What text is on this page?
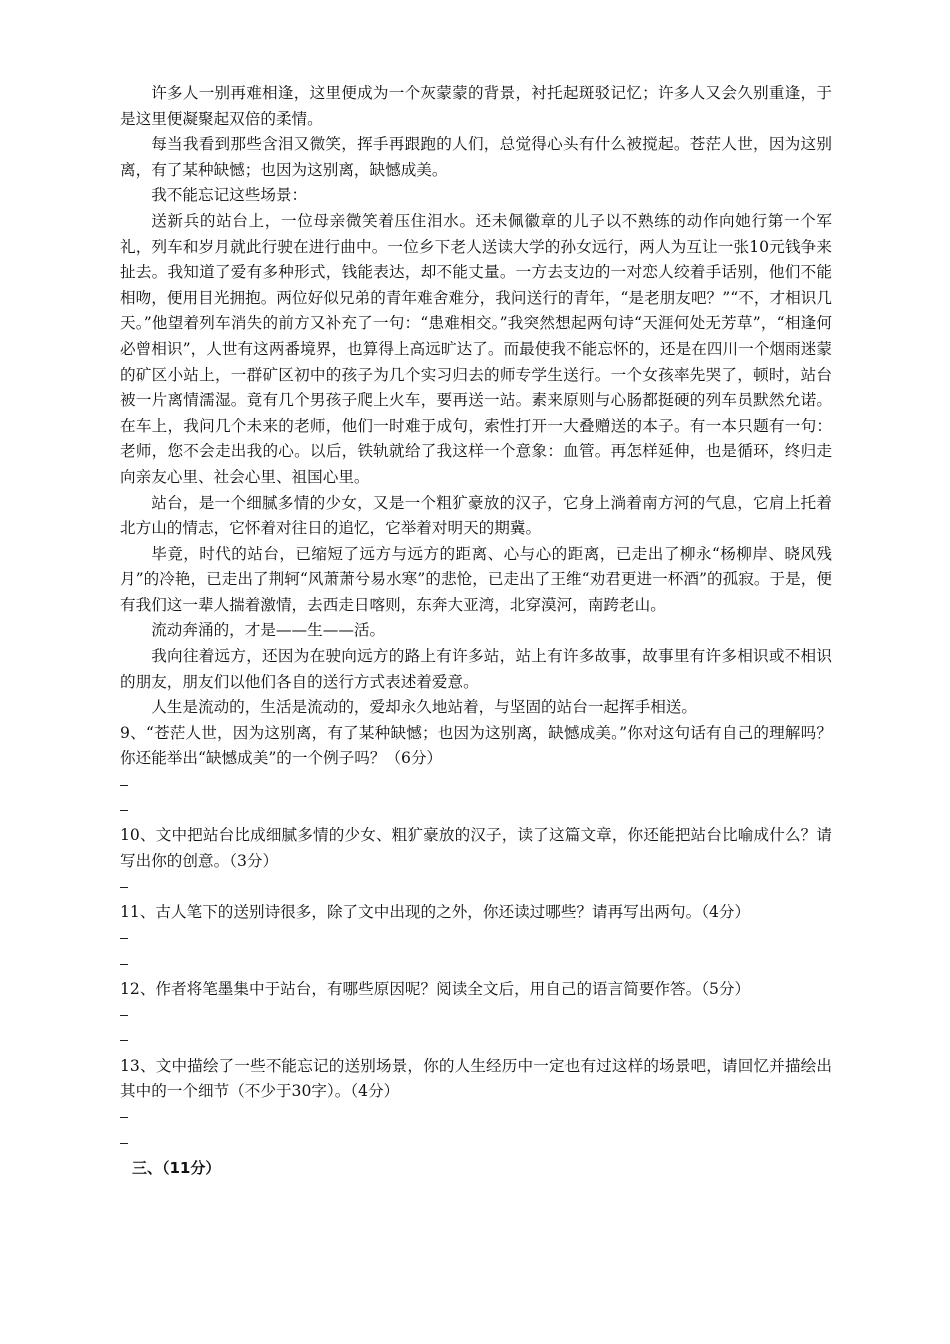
许多人一别再难相逢，这里便成为一个灰蒙蒙的背景，衬托起斑驳记忆；许多人又会久别重逢，于是这里便凝聚起双倍的柔情。

每当我看到那些含泪又微笑，挥手再跟跑的人们，总觉得心头有什么被搅起。苍茫人世，因为这别离，有了某种缺憾；也因为这别离，缺憾成美。

我不能忘记这些场景：

送新兵的站台上，一位母亲微笑着压住泪水。还未佩徽章的儿子以不熟练的动作向她行第一个军礼，列车和岁月就此行驶在进行曲中。一位乡下老人送读大学的孙女远行，两人为互让一张10元钱争来扯去。我知道了爱有多种形式，钱能表达，却不能丈量。一方去支边的一对恋人绞着手话别，他们不能相吻，便用目光拥抱。两位好似兄弟的青年难舍难分，我问送行的青年，“是老朋友吧？”“不，才相识几天。”他望着列车消失的前方又补充了一句：“患难相交。”我突然想起两句诗“天涯何处无芳草”，“相逢何必曾相识”，人世有这两番境界，也算得上高远旷达了。而最使我不能忘怀的，还是在四川一个烟雨迷蒙的矿区小站上，一群矿区初中的孩子为几个实习归去的师专学生送行。一个女孩率先哭了，顿时，站台被一片离情濡湿。竟有几个男孩子爬上火车，要再送一站。素来原则与心肠都挺硬的列车员默然允诺。在车上，我问几个未来的老师，他们一时难于成句，索性打开一大叠赠送的本子。有一本只题有一句：老师，您不会走出我的心。以后，铁轨就给了我这样一个意象：血管。再怎样延伸，也是循环，终归走向亲友心里、社会心里、祖国心里。

站台，是一个细腻多情的少女，又是一个粗犷豪放的汉子，它身上淌着南方河的气息，它肩上托着北方山的情志，它怀着对往日的追忆，它举着对明天的期冀。

毕竟，时代的站台，已缩短了远方与远方的距离、心与心的距离，已走出了柳永“杨柳岸、晓风残月”的冷艳，已走出了荆轲“风萧萧兮易水寒”的悲怆，已走出了王维“劝君更进一杯酒”的孤寂。于是，便有我们这一辈人揣着激情，去西走日喀则，东奔大亚湾，北穿漠河，南跨老山。

流动奔涌的，才是——生——活。

我向往着远方，还因为在驶向远方的路上有许多站，站上有许多故事，故事里有许多相识或不相识的朋友，朋友们以他们各自的送行方式表述着爱意。

人生是流动的，生活是流动的，爱却永久地站着，与坚固的站台一起挥手相送。

9、“苍茫人世，因为这别离，有了某种缺憾；也因为这别离，缺憾成美。”你对这句话有自己的理解吗？你还能举出“缺憾成美”的一个例子吗？（6分）

10、文中把站台比成细腻多情的少女、粗犷豪放的汉子，读了这篇文章，你还能把站台比喻成什么？请写出你的创意。（3分）

11、古人笔下的送别诗很多，除了文中出现的之外，你还读过哪些？请再写出两句。（4分）

12、作者将笔墨集中于站台，有哪些原因呢？阅读全文后，用自己的语言简要作答。（5分）

13、文中描绘了一些不能忘记的送别场景，你的人生经历中一定也有过这样的场景吧，请回忆并描绘出其中的一个细节（不少于30字）。（4分）

三、（11分）
